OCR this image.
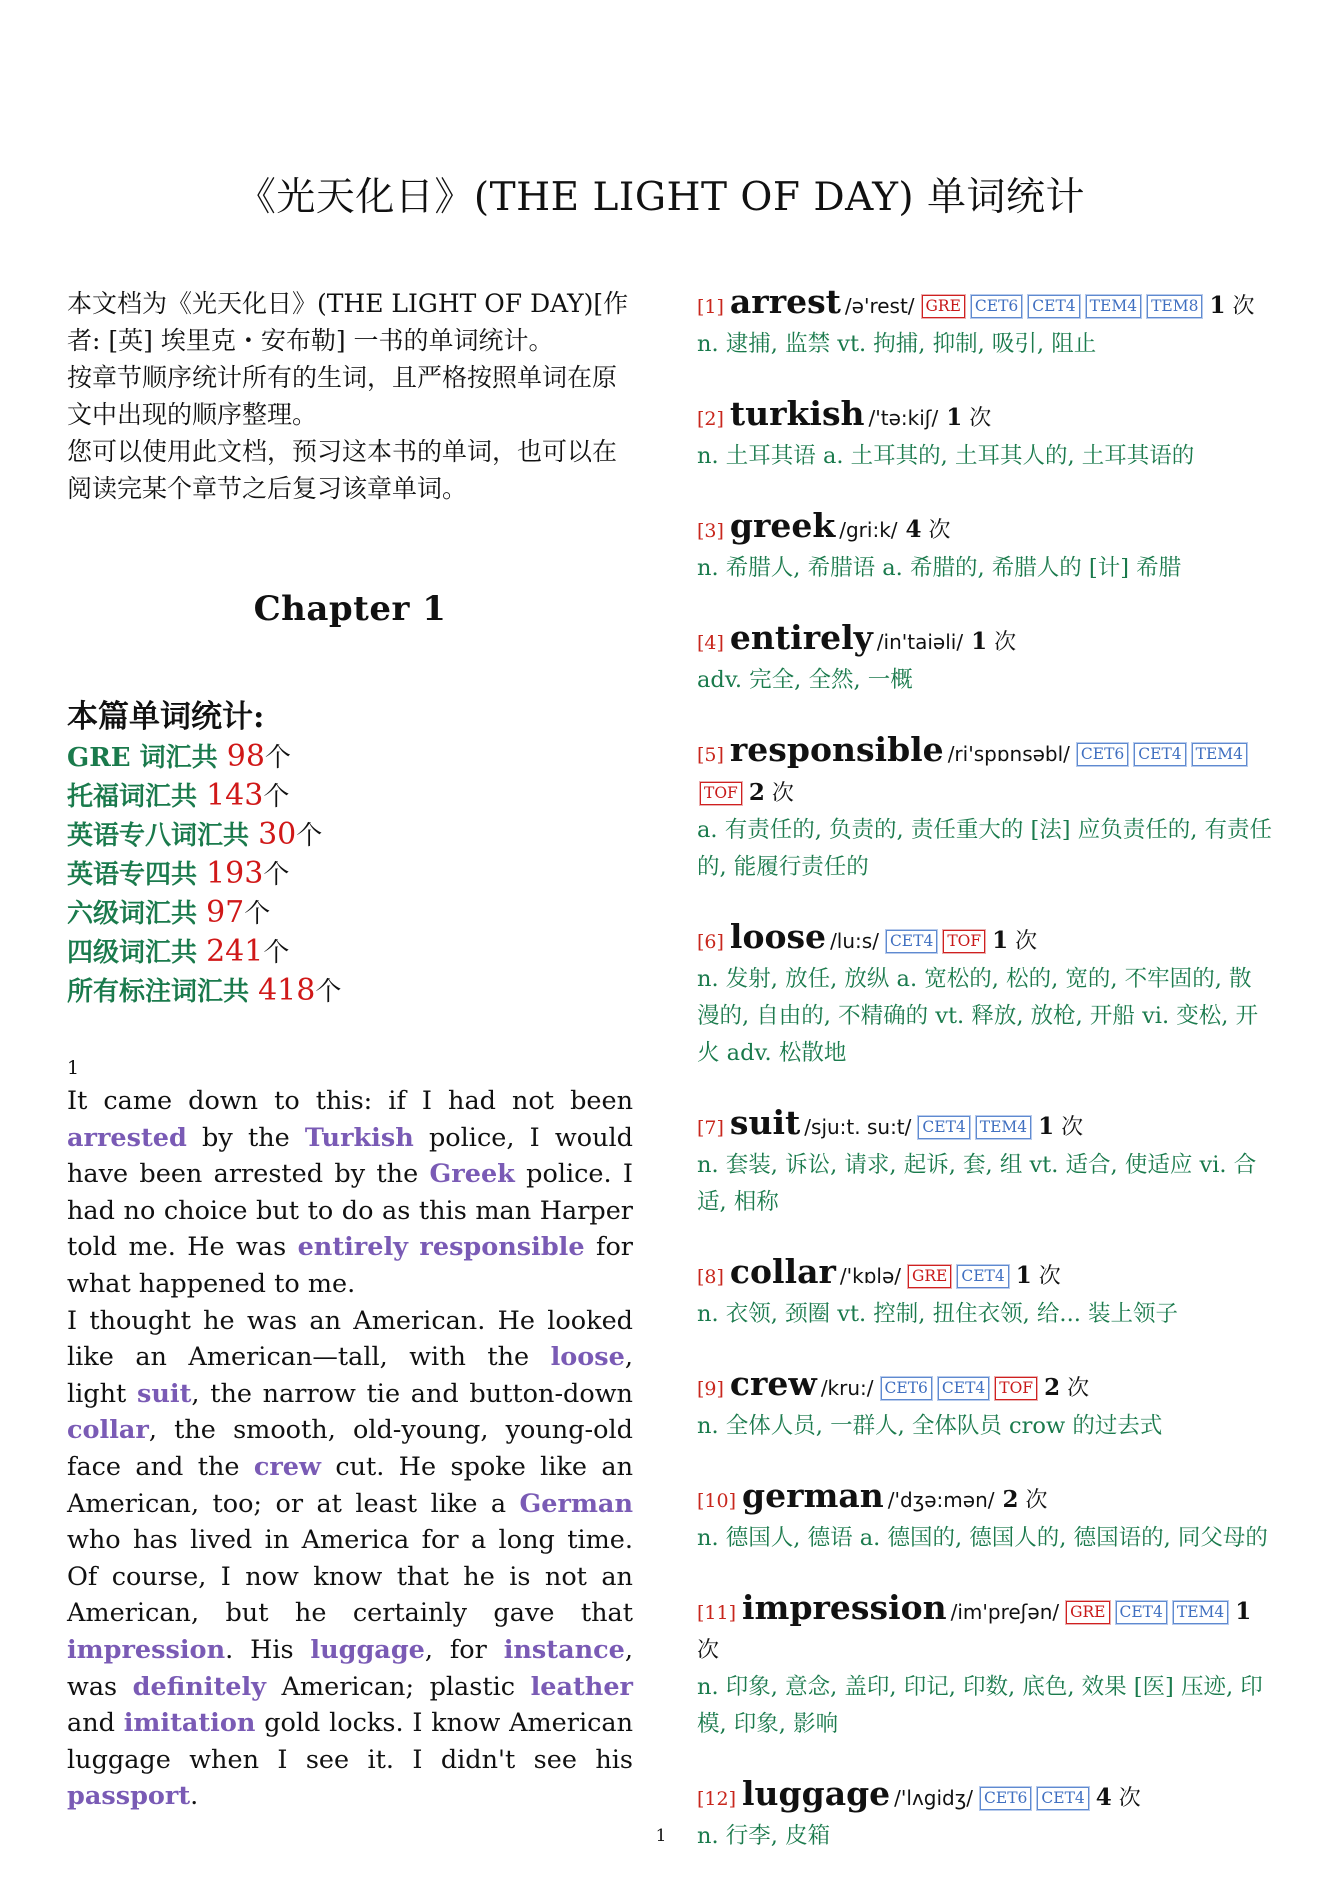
《光天化日》(THE LIGHT OF DAY) 单词统计

本文档为《光天化日》(THE LIGHT OF DAY)[作者: [英] 埃里克・安布勒] 一书的单词统计。

按章节顺序统计所有的生词，且严格按照单词在原文中出现的顺序整理。

您可以使用此文档，预习这本书的单词，也可以在阅读完某个章节之后复习该章单词。

Chapter 1
本篇单词统计:
GRE 词汇共 98个
托福词汇共 143个
英语专八词汇共 30个
英语专四共 193个
六级词汇共 97个
四级词汇共 241个
所有标注词汇共 418个
1

It came down to this: if I had not been arrested by the Turkish police, I would have been arrested by the Greek police. I had no choice but to do as this man Harper told me. He was entirely responsible for what happened to me.

I thought he was an American. He looked like an American—tall, with the loose, light suit, the narrow tie and button-down collar, the smooth, old-young, young-old face and the crew cut. He spoke like an American, too; or at least like a German who has lived in America for a long time. Of course, I now know that he is not an American, but he certainly gave that impression. His luggage, for instance, was definitely American; plastic leather and imitation gold locks. I know American luggage when I see it. I didn't see his passport.

[1] arrest /ə'rest/ GRE CET6 CET4 TEM4 TEM8 1 次
n. 逮捕, 监禁 vt. 拘捕, 抑制, 吸引, 阻止
[2] turkish /'tə:kiʃ/ 1 次
n. 土耳其语 a. 土耳其的, 土耳其人的, 土耳其语的
[3] greek /gri:k/ 4 次
n. 希腊人, 希腊语 a. 希腊的, 希腊人的 [计] 希腊
[4] entirely /in'taiəli/ 1 次
adv. 完全, 全然, 一概
[5] responsible /ri'spɒnsəbl/ CET6 CET4 TEM4TOF 2 次
a. 有责任的, 负责的, 责任重大的 [法] 应负责任的, 有责任的, 能履行责任的
[6] loose /lu:s/ CET4 TOF 1 次
n. 发射, 放任, 放纵 a. 宽松的, 松的, 宽的, 不牢固的, 散漫的, 自由的, 不精确的 vt. 释放, 放枪, 开船 vi. 变松, 开火 adv. 松散地
[7] suit /sju:t. su:t/ CET4 TEM4 1 次
n. 套装, 诉讼, 请求, 起诉, 套, 组 vt. 适合, 使适应 vi. 合适, 相称
[8] collar /'kɒlə/ GRE CET4 1 次
n. 衣领, 颈圈 vt. 控制, 扭住衣领, 给... 装上领子
[9] crew /kru:/ CET6 CET4 TOF 2 次
n. 全体人员, 一群人, 全体队员 crow 的过去式
[10] german /'dʒə:mən/ 2 次
n. 德国人, 德语 a. 德国的, 德国人的, 德国语的, 同父母的
[11] impression /im'preʃən/ GRE CET4 TEM4 1 次
n. 印象, 意念, 盖印, 印记, 印数, 底色, 效果 [医] 压迹, 印模, 印象, 影响
[12] luggage /'lʌgidʒ/ CET6 CET4 4 次
n. 行李, 皮箱
1
